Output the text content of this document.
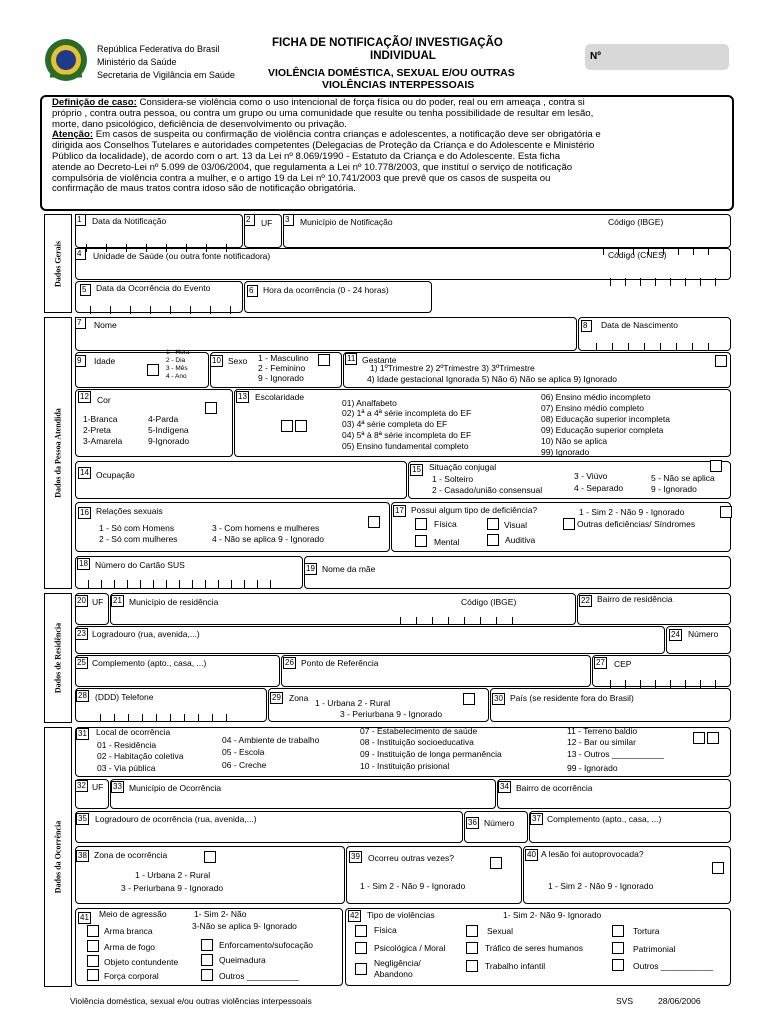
República Federativa do Brasil
Ministério da Saúde
Secretaria de Vigilância em Saúde
FICHA DE NOTIFICAÇÃO/ INVESTIGAÇÃO
INDIVIDUAL
VIOLÊNCIA DOMÉSTICA, SEXUAL E/OU OUTRAS
VIOLÊNCIAS INTERPESSOAIS
Nº
Definição de caso: Considera-se violência como o uso intencional de força física ou do poder, real ou em ameaça , contra si
próprio , contra outra pessoa, ou contra um grupo ou uma comunidade que resulte ou tenha possibilidade de resultar em lesão,
morte, dano psicológico, deficiência de desenvolvimento ou privação.
Atenção: Em casos de suspeita ou confirmação de violência contra crianças e adolescentes, a notificação deve ser obrigatória e
dirigida aos Conselhos Tutelares e autoridades competentes (Delegacias de Proteção da Criança e do Adolescente e Ministério
Público da localidade), de acordo com o art. 13 da Lei nº 8.069/1990 - Estatuto da Criança e do Adolescente. Esta ficha
atende ao Decreto-Lei nº 5.099 de 03/06/2004, que regulamenta a Lei nº 10.778/2003, que instituí o serviço de notificação
compulsória de violência contra a mulher, e o artigo 19 da Lei nº 10.741/2003 que prevê que os casos de suspeita ou
confirmação de maus tratos contra idoso são de notificação obrigatória.
Dados Gerais
Dados da Pessoa Atendida
Dados de Residência
Dados da Ocorrência
1	Data da Notificação	2	UF 3	Município de Notificação	Código (IBGE)
4	Unidade de Saúde (ou outra fonte notificadora)	Código (CNES)
5	Data da Ocorrência do Evento	6	Hora da ocorrência (0 - 24 horas)
7	Nome	8	Data de Nascimento
9	Idade
1 - Hora
2 - Dia
3 - Mês
4 - Ano
10 Sexo 1 - Masculino
2 - Feminino
9 - Ignorado
11 Gestante
1) 1ºTrimestre 2) 2ºTrimestre 3) 3ºTrimestre
4) Idade gestacional Ignorada 5) Não 6) Não se aplica 9) Ignorado
12 Cor
1-Branca
2-Preta
3-Amarela
4-Parda
5-Indígena
9-Ignorado
13 Escolaridade
01) Analfabeto
02) 1ª a 4ª série incompleta do EF
03) 4ª série completa do EF
04) 5ª à 8ª série incompleta do EF
05) Ensino fundamental completo
06) Ensino médio incompleto
07) Ensino médio completo
08) Educação superior incompleta
09) Educação superior completa
10) Não se aplica
99) Ignorado
14 Ocupação
15 Situação conjugal
1 - Solteiro
2 - Casado/união consensual
3 - Viúvo
4 - Separado
5 - Não se aplica
9 - Ignorado
16 Relações sexuais
1 - Só com Homens
2 - Só com mulheres
3 - Com homens e mulheres
4 - Não se aplica 9 - Ignorado
17 Possui algum tipo de deficiência?	1 - Sim 2 - Não 9 - Ignorado
Física	Visual	Outras deficiências/ Síndromes
Mental	Auditiva
18 Número do Cartão SUS	19 Nome da mãe
20 UF 21 Município de residência	Código (IBGE)	22 Bairro de residência
23 Logradouro (rua, avenida,...)	24 Número
25 Complemento (apto., casa, ...)	26 Ponto de Referência	27 CEP
28 (DDD) Telefone	29 Zona 1 - Urbana 2 - Rural
3 - Periurbana 9 - Ignorado
30 País (se residente fora do Brasil)
31 Local de ocorrência
01 - Residência
02 - Habitação coletiva
03 - Via pública
04 - Ambiente de trabalho
05 - Escola
06 - Creche
07 - Estabelecimento de saúde
08 - Instituição socioeducativa
09 - Instituição de longa permanência
10 - Instituição prisional
11 - Terreno baldio
12 - Bar ou similar
13 - Outros ___________
99 - Ignorado
32 UF 33 Município de Ocorrência	34 Bairro de ocorrência
35 Logradouro de ocorrência (rua, avenida,...)	36 Número 37 Complemento (apto., casa, ...)
38 Zona de ocorrência
1 - Urbana 2 - Rural
3 - Periurbana 9 - Ignorado
39 Ocorreu outras vezes?
1 - Sim 2 - Não 9 - Ignorado
40 A lesão foi autoprovocada?
1 - Sim 2 - Não 9 - Ignorado
41 Meio de agressão	1- Sim 2- Não
3-Não se aplica 9- Ignorado
Arma branca
Arma de fogo
Objeto contundente
Força corporal
Enforcamento/sufocação
Queimadura
Outros ___________
42 Tipo de violências	1- Sim 2- Não 9- Ignorado
Física
Psicológica / Moral
Negligência/
Abandono
Sexual
Tráfico de seres humanos
Trabalho infantil
Tortura
Patrimonial
Outros ___________
Violência doméstica, sexual e/ou outras violências interpessoais	SVS	28/06/2006
